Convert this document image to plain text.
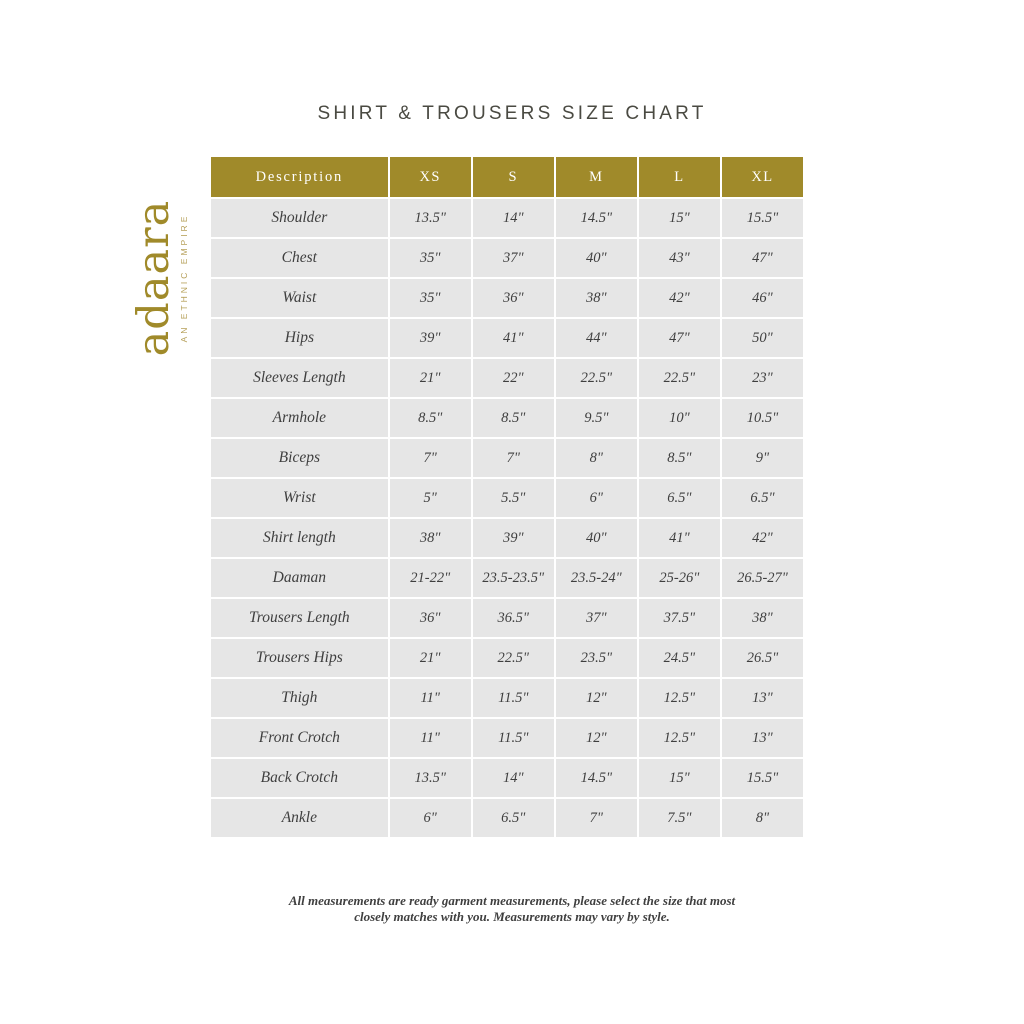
SHIRT & TROUSERS SIZE CHART
adaara AN ETHNIC EMPIRE
Description	XS	S	M	L	XL
Shoulder	13.5"	14"	14.5"	15"	15.5"
Chest	35"	37"	40"	43"	47"
Waist	35"	36"	38"	42"	46"
Hips	39"	41"	44"	47"	50"
Sleeves Length	21"	22"	22.5"	22.5"	23"
Armhole	8.5"	8.5"	9.5"	10"	10.5"
Biceps	7"	7"	8"	8.5"	9"
Wrist	5"	5.5"	6"	6.5"	6.5"
Shirt length	38"	39"	40"	41"	42"
Daaman	21-22"	23.5-23.5"	23.5-24"	25-26"	26.5-27"
Trousers Length	36"	36.5"	37"	37.5"	38"
Trousers Hips	21"	22.5"	23.5"	24.5"	26.5"
Thigh	11"	11.5"	12"	12.5"	13"
Front Crotch	11"	11.5"	12"	12.5"	13"
Back Crotch	13.5"	14"	14.5"	15"	15.5"
Ankle	6"	6.5"	7"	7.5"	8"
All measurements are ready garment measurements, please select the size that most
closely matches with you. Measurements may vary by style.
